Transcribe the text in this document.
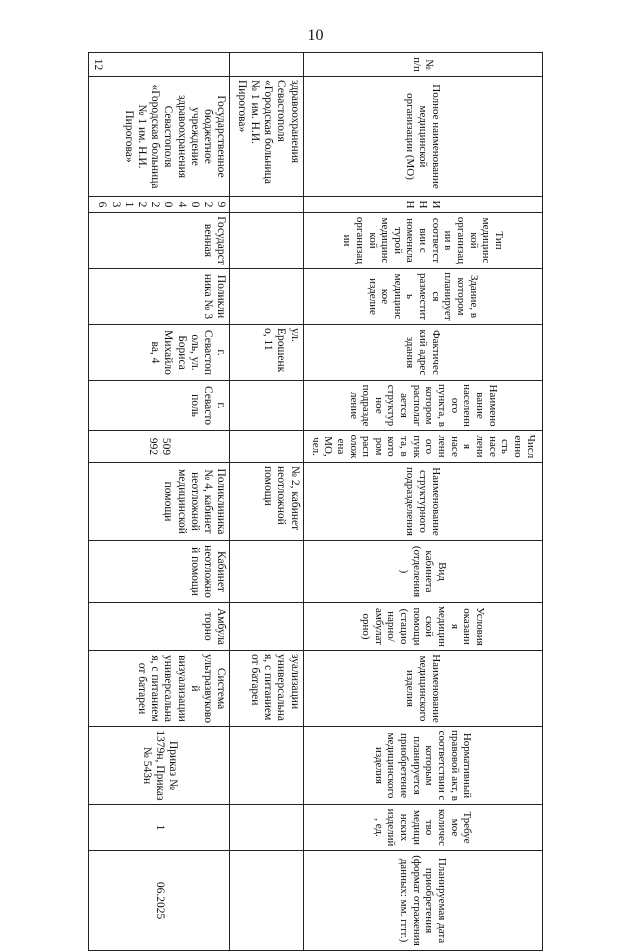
10
№ п/п	Полное наименование медицинской организации (МО)	ИНН	Тип медицинской организации в соответствии с номенклатурой медицинской организации	Здание, в котором планируется разместить медицинское изделие	Фактический адрес здания	Наименование населенного пункта, в котором располагается структурное подразделение	Численность населения населенного пункта, в котором расположена МО, чел.	Наименование структурного подразделения	Вид кабинета (отделения)	Условия оказания медицинской помощи (стационарно/амбулаторно)	Наименование медицинского изделия	Нормативный правовой акт, в соответствии с которым планируется приобретение медицинского изделия	Требуемое количество медицинских изделий, ед.	Планируемая дата приобретения (формат отражения данных: мм. гггг.)
	здравоохранения Севастополя «Городская больница № 1 им. Н.И. Пирогова»				ул. Ерошенко, 11			№ 2, кабинет неотложной помощи			зуализации универсальная, с питанием от батареи			
12	Государственное бюджетное учреждение здравоохранения Севастополя «Городская больница № 1 им. Н.И. Пирогова»	9204022136	Государственная	Поликлиника № 3	г. Севастополь, ул. Бориса Михайлова, 4	г. Севастополь	509 992	Поликлиника № 4, кабинет неотложной медицинской помощи	Кабинет неотложной помощи	Амбулаторно	Система ультразвуковой визуализации универсальная, с питанием от батареи	Приказ № 1379н, Приказ № 543н	1	06.2025
